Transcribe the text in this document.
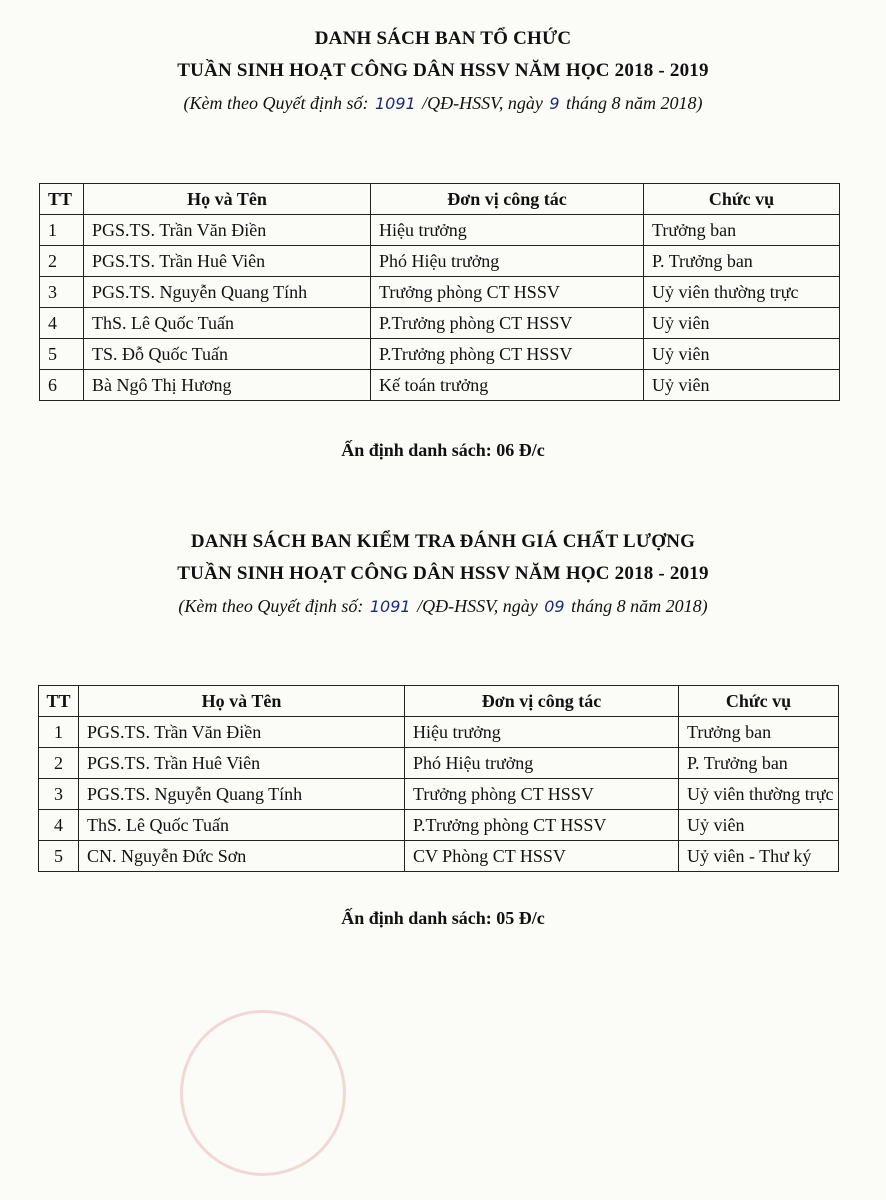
DANH SÁCH BAN TỔ CHỨC
TUẦN SINH HOẠT CÔNG DÂN HSSV NĂM HỌC 2018 - 2019
(Kèm theo Quyết định số: 1091 /QĐ-HSSV, ngày 9 tháng 8 năm 2018)
TT	Họ và Tên	Đơn vị công tác	Chức vụ
1	PGS.TS. Trần Văn Điền	Hiệu trưởng	Trưởng ban
2	PGS.TS. Trần Huê Viên	Phó Hiệu trưởng	P. Trưởng ban
3	PGS.TS. Nguyễn Quang Tính	Trưởng phòng CT HSSV	Uỷ viên thường trực
4	ThS. Lê Quốc Tuấn	P.Trưởng phòng CT HSSV	Uỷ viên
5	TS. Đỗ Quốc Tuấn	P.Trưởng phòng CT HSSV	Uỷ viên
6	Bà Ngô Thị Hương	Kế toán trưởng	Uỷ viên
Ấn định danh sách: 06 Đ/c
DANH SÁCH BAN KIỂM TRA ĐÁNH GIÁ CHẤT LƯỢNG
TUẦN SINH HOẠT CÔNG DÂN HSSV NĂM HỌC 2018 - 2019
(Kèm theo Quyết định số: 1091 /QĐ-HSSV, ngày 09 tháng 8 năm 2018)
TT	Họ và Tên	Đơn vị công tác	Chức vụ
1	PGS.TS. Trần Văn Điền	Hiệu trưởng	Trưởng ban
2	PGS.TS. Trần Huê Viên	Phó Hiệu trưởng	P. Trưởng ban
3	PGS.TS. Nguyễn Quang Tính	Trưởng phòng CT HSSV	Uỷ viên thường trực
4	ThS. Lê Quốc Tuấn	P.Trưởng phòng CT HSSV	Uỷ viên
5	CN. Nguyễn Đức Sơn	CV Phòng CT HSSV	Uỷ viên - Thư ký
Ấn định danh sách: 05 Đ/c
